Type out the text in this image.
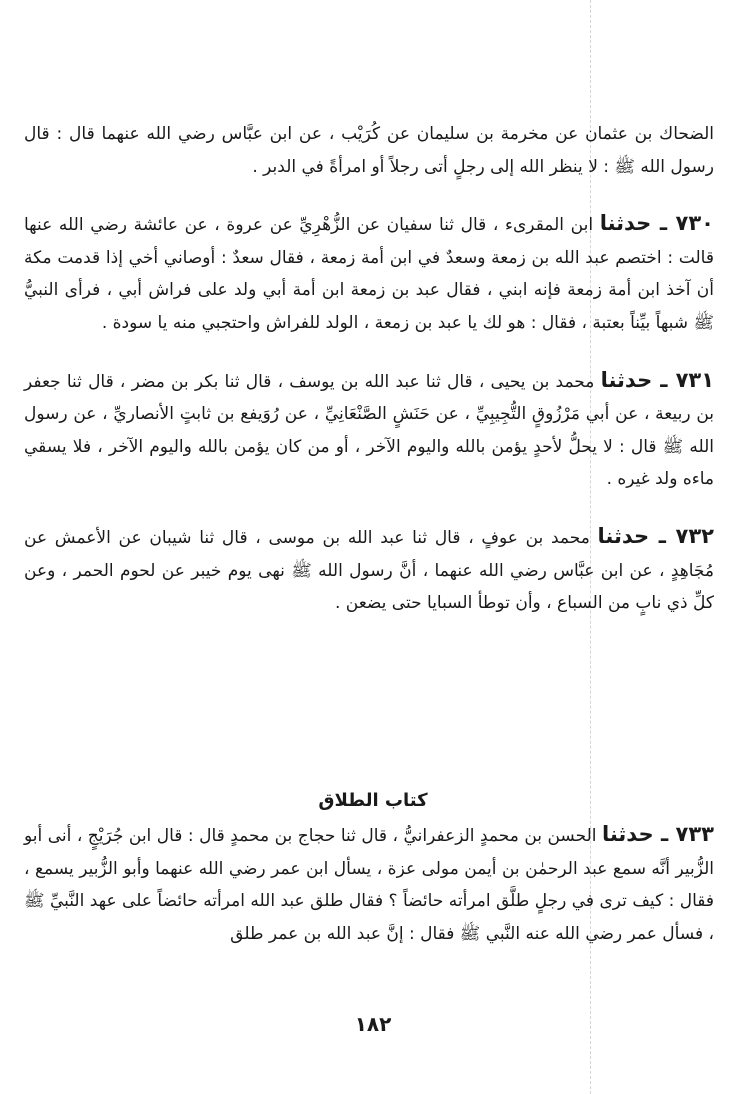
الضحاك بن عثمان عن مخرمة بن سليمان عن كُرَيْب ، عن ابن عبَّاس رضي الله عنهما قال : قال رسول الله ﷺ : لا ينظر الله إلى رجلٍ أتى رجلاً أو امرأةً في الدبر .

٧٣٠ ـ حدثنا ابن المقرىء ، قال ثنا سفيان عن الزُّهْرِيِّ عن عروة ، عن عائشة رضي الله عنها قالت : اختصم عبد الله بن زمعة وسعدٌ في ابن أمة زمعة ، فقال سعدٌ : أوصاني أخي إذا قدمت مكة أن آخذ ابن أمة زمعة فإنه ابني ، فقال عبد بن زمعة ابن أمة أبي ولد على فراش أبي ، فرأى النبيُّ ﷺ شبهاً بيِّناً بعتبة ، فقال : هو لك يا عبد بن زمعة ، الولد للفراش واحتجبي منه يا سودة .

٧٣١ ـ حدثنا محمد بن يحيى ، قال ثنا عبد الله بن يوسف ، قال ثنا بكر بن مضر ، قال ثنا جعفر بن ربيعة ، عن أبي مَرْزُوقٍ التُّجِيبِيِّ ، عن حَنَشٍ الصَّنْعَانِيِّ ، عن رُوَيفع بن ثابتٍ الأنصاريِّ ، عن رسول الله ﷺ قال : لا يحلُّ لأحدٍ يؤمن بالله واليوم الآخر ، أو من كان يؤمن بالله واليوم الآخر ، فلا يسقي ماءه ولد غيره .

٧٣٢ ـ حدثنا محمد بن عوفٍ ، قال ثنا عبد الله بن موسى ، قال ثنا شيبان عن الأعمش عن مُجَاهِدٍ ، عن ابن عبَّاس رضي الله عنهما ، أنَّ رسول الله ﷺ نهى يوم خيبر عن لحوم الحمر ، وعن كلِّ ذي نابٍ من السباع ، وأن توطأ السبايا حتى يضعن .

كتاب الطلاق

٧٣٣ ـ حدثنا الحسن بن محمدٍ الزعفرانيُّ ، قال ثنا حجاج بن محمدٍ قال : قال ابن جُرَيْجٍ ، أنى أبو الزُّبير أنَّه سمع عبد الرحمٰن بن أيمن مولى عزة ، يسأل ابن عمر رضي الله عنهما وأبو الزُّبير يسمع ، فقال : كيف ترى في رجلٍ طلَّق امرأته حائضاً ؟ فقال طلق عبد الله امرأته حائضاً على عهد النَّبيِّ ﷺ ، فسأل عمر رضي الله عنه النَّبي ﷺ فقال : إنَّ عبد الله بن عمر طلق

١٨٢
